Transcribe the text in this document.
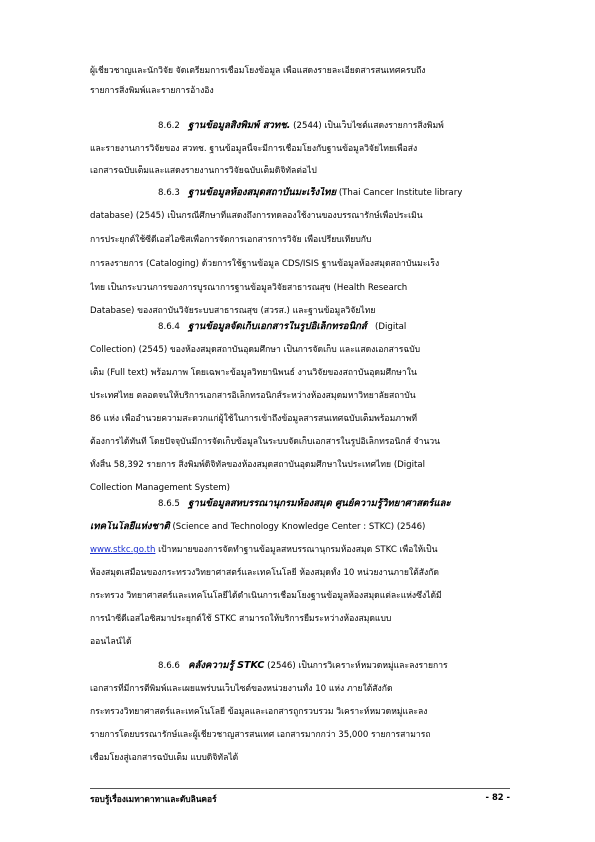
ผู้เชี่ยวชาญและนักวิจัย จัดเตรียมการเชื่อมโยงข้อมูล เพื่อแสดงรายละเอียดสารสนเทศครบถึง
รายการสิ่งพิมพ์และรายการอ้างอิง
8.6.2 ฐานข้อมูลสิ่งพิมพ์ สวทช. (2544) เป็นเว็บไซต์แสดงรายการสิ่งพิมพ์
และรายงานการวิจัยของ สวทช. ฐานข้อมูลนี้จะมีการเชื่อมโยงกับฐานข้อมูลวิจัยไทยเพื่อส่ง
เอกสารฉบับเต็มและแสดงรายงานการวิจัยฉบับเต็มดิจิทัลต่อไป
8.6.3 ฐานข้อมูลห้องสมุดสถาบันมะเร็งไทย (Thai Cancer Institute library
database) (2545) เป็นกรณีศึกษาที่แสดงถึงการทดลองใช้งานของบรรณารักษ์เพื่อประเมิน
การประยุกต์ใช้ซีดีเอสไอซิสเพื่อการจัดการเอกสารการวิจัย เพื่อเปรียบเทียบกับ
การลงรายการ (Cataloging) ด้วยการใช้ฐานข้อมูล CDS/ISIS ฐานข้อมูลห้องสมุดสถาบันมะเร็ง
ไทย เป็นกระบวนการของการบูรณาการฐานข้อมูลวิจัยสาธารณสุข (Health Research
Database) ของสถาบันวิจัยระบบสาธารณสุข (สวรส.) และฐานข้อมูลวิจัยไทย
8.6.4 ฐานข้อมูลจัดเก็บเอกสารในรูปอิเล็กทรอนิกส์ (Digital
Collection) (2545) ของห้องสมุดสถาบันอุดมศึกษา เป็นการจัดเก็บ และแสดงเอกสารฉบับ
เต็ม (Full text) พร้อมภาพ โดยเฉพาะข้อมูลวิทยานิพนธ์ งานวิจัยของสถาบันอุดมศึกษาใน
ประเทศไทย ตลอดจนให้บริการเอกสารอิเล็กทรอนิกส์ระหว่างห้องสมุดมหาวิทยาลัยสถาบัน
86 แห่ง เพื่ออำนวยความสะดวกแก่ผู้ใช้ในการเข้าถึงข้อมูลสารสนเทศฉบับเต็มพร้อมภาพที่
ต้องการได้ทันที โดยปัจจุบันมีการจัดเก็บข้อมูลในระบบจัดเก็บเอกสารในรูปอิเล็กทรอนิกส์ จำนวน
ทั้งสิ้น 58,392 รายการ สิ่งพิมพ์ดิจิทัลของห้องสมุดสถาบันอุดมศึกษาในประเทศไทย (Digital
Collection Management System)
8.6.5 ฐานข้อมูลสหบรรณานุกรมห้องสมุด ศูนย์ความรู้วิทยาศาสตร์และ
เทคโนโลยีแห่งชาติ (Science and Technology Knowledge Center : STKC) (2546)
www.stkc.go.th เป้าหมายของการจัดทำฐานข้อมูลสหบรรณานุกรมห้องสมุด STKC เพื่อให้เป็น
ห้องสมุดเสมือนของกระทรวงวิทยาศาสตร์และเทคโนโลยี ห้องสมุดทั้ง 10 หน่วยงานภายใต้สังกัด
กระทรวง วิทยาศาสตร์และเทคโนโลยีได้ดำเนินการเชื่อมโยงฐานข้อมูลห้องสมุดแต่ละแห่งซึ่งได้มี
การนำซีดีเอสไอซิสมาประยุกต์ใช้ STKC สามารถให้บริการยืมระหว่างห้องสมุดแบบ
ออนไลน์ได้
8.6.6 คลังความรู้ STKC (2546) เป็นการวิเคราะห์หมวดหมู่และลงรายการ
เอกสารที่มีการตีพิมพ์และเผยแพร่บนเว็บไซต์ของหน่วยงานทั้ง 10 แห่ง ภายใต้สังกัด
กระทรวงวิทยาศาสตร์และเทคโนโลยี ข้อมูลและเอกสารถูกรวบรวม วิเคราะห์หมวดหมู่และลง
รายการโดยบรรณารักษ์และผู้เชี่ยวชาญสารสนเทศ เอกสารมากกว่า 35,000 รายการสามารถ
เชื่อมโยงสู่เอกสารฉบับเต็ม แบบดิจิทัลได้
รอบรู้เรื่องเมทาดาทาและดับลินคอร์	- 82 -
